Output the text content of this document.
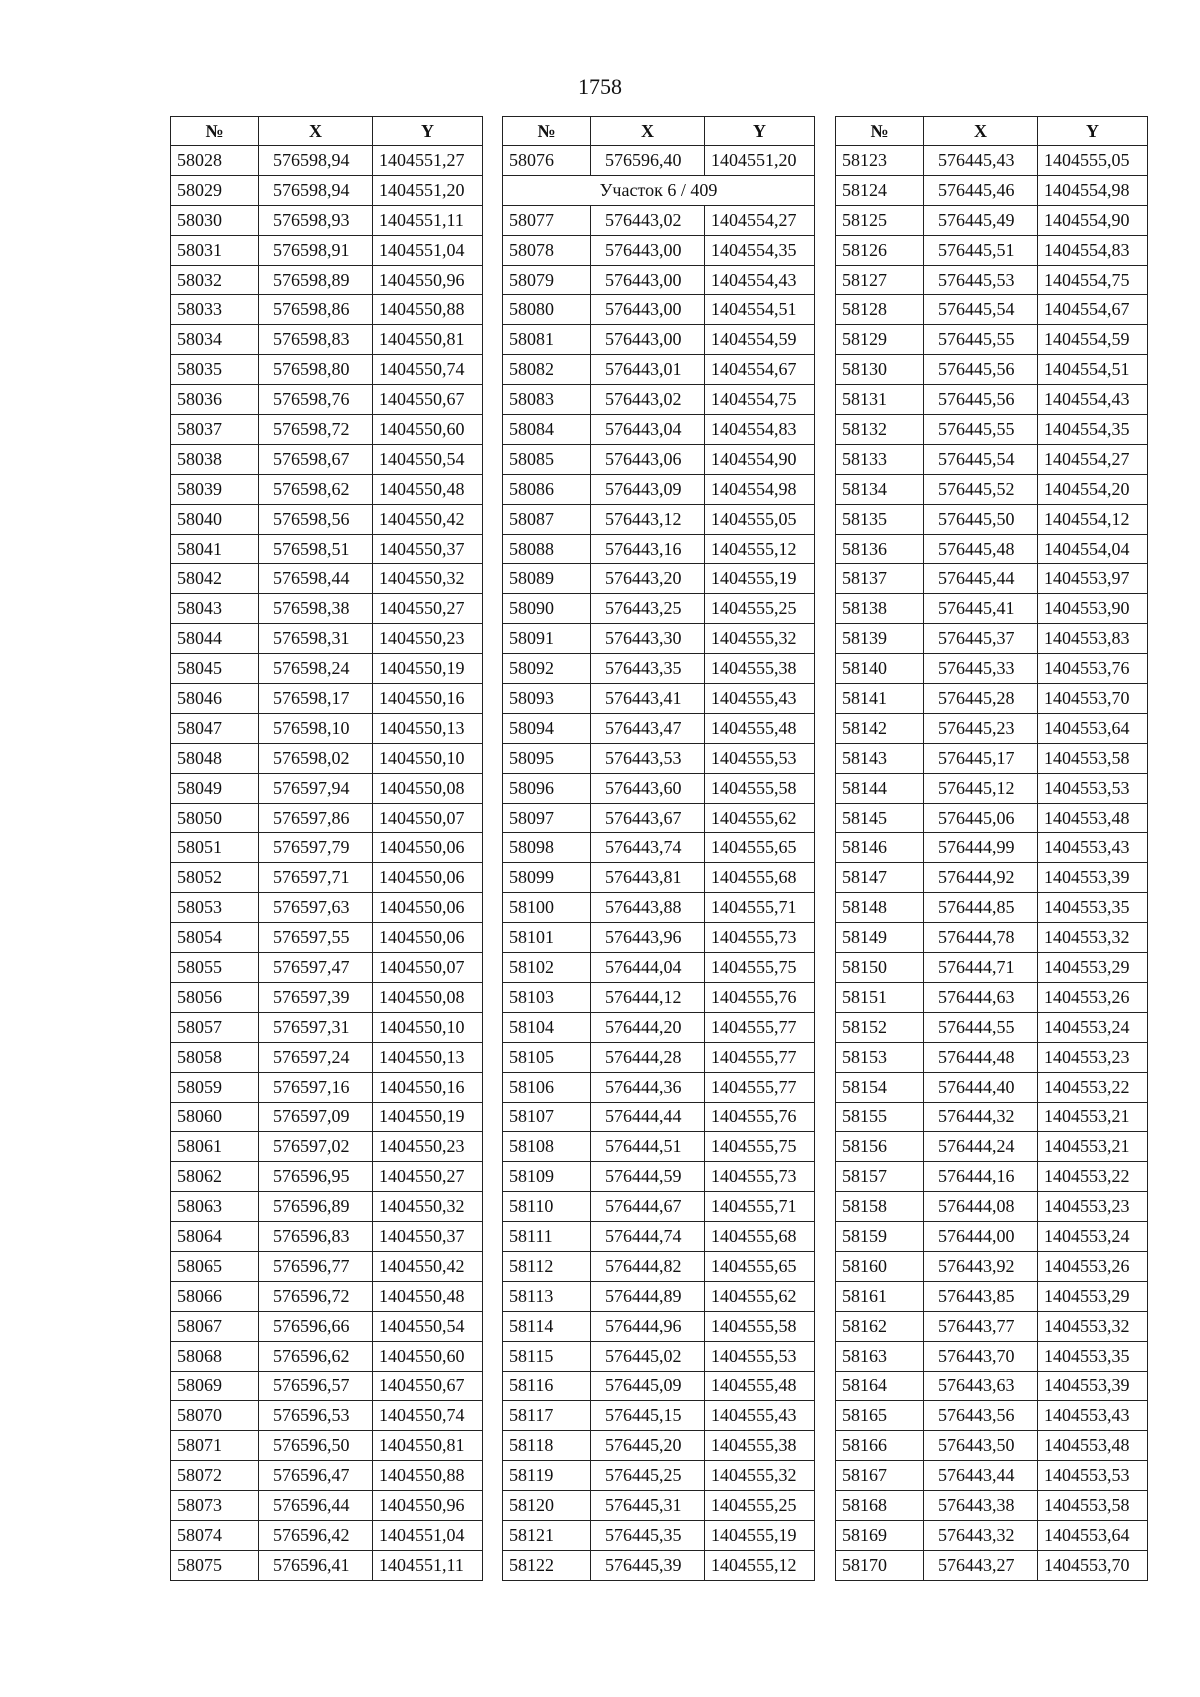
1758
№	X	Y
58028	576598,94	1404551,27
58029	576598,94	1404551,20
58030	576598,93	1404551,11
58031	576598,91	1404551,04
58032	576598,89	1404550,96
58033	576598,86	1404550,88
58034	576598,83	1404550,81
58035	576598,80	1404550,74
58036	576598,76	1404550,67
58037	576598,72	1404550,60
58038	576598,67	1404550,54
58039	576598,62	1404550,48
58040	576598,56	1404550,42
58041	576598,51	1404550,37
58042	576598,44	1404550,32
58043	576598,38	1404550,27
58044	576598,31	1404550,23
58045	576598,24	1404550,19
58046	576598,17	1404550,16
58047	576598,10	1404550,13
58048	576598,02	1404550,10
58049	576597,94	1404550,08
58050	576597,86	1404550,07
58051	576597,79	1404550,06
58052	576597,71	1404550,06
58053	576597,63	1404550,06
58054	576597,55	1404550,06
58055	576597,47	1404550,07
58056	576597,39	1404550,08
58057	576597,31	1404550,10
58058	576597,24	1404550,13
58059	576597,16	1404550,16
58060	576597,09	1404550,19
58061	576597,02	1404550,23
58062	576596,95	1404550,27
58063	576596,89	1404550,32
58064	576596,83	1404550,37
58065	576596,77	1404550,42
58066	576596,72	1404550,48
58067	576596,66	1404550,54
58068	576596,62	1404550,60
58069	576596,57	1404550,67
58070	576596,53	1404550,74
58071	576596,50	1404550,81
58072	576596,47	1404550,88
58073	576596,44	1404550,96
58074	576596,42	1404551,04
58075	576596,41	1404551,11
№	X	Y
58076	576596,40	1404551,20
Участок 6 / 409		
58077	576443,02	1404554,27
58078	576443,00	1404554,35
58079	576443,00	1404554,43
58080	576443,00	1404554,51
58081	576443,00	1404554,59
58082	576443,01	1404554,67
58083	576443,02	1404554,75
58084	576443,04	1404554,83
58085	576443,06	1404554,90
58086	576443,09	1404554,98
58087	576443,12	1404555,05
58088	576443,16	1404555,12
58089	576443,20	1404555,19
58090	576443,25	1404555,25
58091	576443,30	1404555,32
58092	576443,35	1404555,38
58093	576443,41	1404555,43
58094	576443,47	1404555,48
58095	576443,53	1404555,53
58096	576443,60	1404555,58
58097	576443,67	1404555,62
58098	576443,74	1404555,65
58099	576443,81	1404555,68
58100	576443,88	1404555,71
58101	576443,96	1404555,73
58102	576444,04	1404555,75
58103	576444,12	1404555,76
58104	576444,20	1404555,77
58105	576444,28	1404555,77
58106	576444,36	1404555,77
58107	576444,44	1404555,76
58108	576444,51	1404555,75
58109	576444,59	1404555,73
58110	576444,67	1404555,71
58111	576444,74	1404555,68
58112	576444,82	1404555,65
58113	576444,89	1404555,62
58114	576444,96	1404555,58
58115	576445,02	1404555,53
58116	576445,09	1404555,48
58117	576445,15	1404555,43
58118	576445,20	1404555,38
58119	576445,25	1404555,32
58120	576445,31	1404555,25
58121	576445,35	1404555,19
58122	576445,39	1404555,12
№	X	Y
58123	576445,43	1404555,05
58124	576445,46	1404554,98
58125	576445,49	1404554,90
58126	576445,51	1404554,83
58127	576445,53	1404554,75
58128	576445,54	1404554,67
58129	576445,55	1404554,59
58130	576445,56	1404554,51
58131	576445,56	1404554,43
58132	576445,55	1404554,35
58133	576445,54	1404554,27
58134	576445,52	1404554,20
58135	576445,50	1404554,12
58136	576445,48	1404554,04
58137	576445,44	1404553,97
58138	576445,41	1404553,90
58139	576445,37	1404553,83
58140	576445,33	1404553,76
58141	576445,28	1404553,70
58142	576445,23	1404553,64
58143	576445,17	1404553,58
58144	576445,12	1404553,53
58145	576445,06	1404553,48
58146	576444,99	1404553,43
58147	576444,92	1404553,39
58148	576444,85	1404553,35
58149	576444,78	1404553,32
58150	576444,71	1404553,29
58151	576444,63	1404553,26
58152	576444,55	1404553,24
58153	576444,48	1404553,23
58154	576444,40	1404553,22
58155	576444,32	1404553,21
58156	576444,24	1404553,21
58157	576444,16	1404553,22
58158	576444,08	1404553,23
58159	576444,00	1404553,24
58160	576443,92	1404553,26
58161	576443,85	1404553,29
58162	576443,77	1404553,32
58163	576443,70	1404553,35
58164	576443,63	1404553,39
58165	576443,56	1404553,43
58166	576443,50	1404553,48
58167	576443,44	1404553,53
58168	576443,38	1404553,58
58169	576443,32	1404553,64
58170	576443,27	1404553,70
